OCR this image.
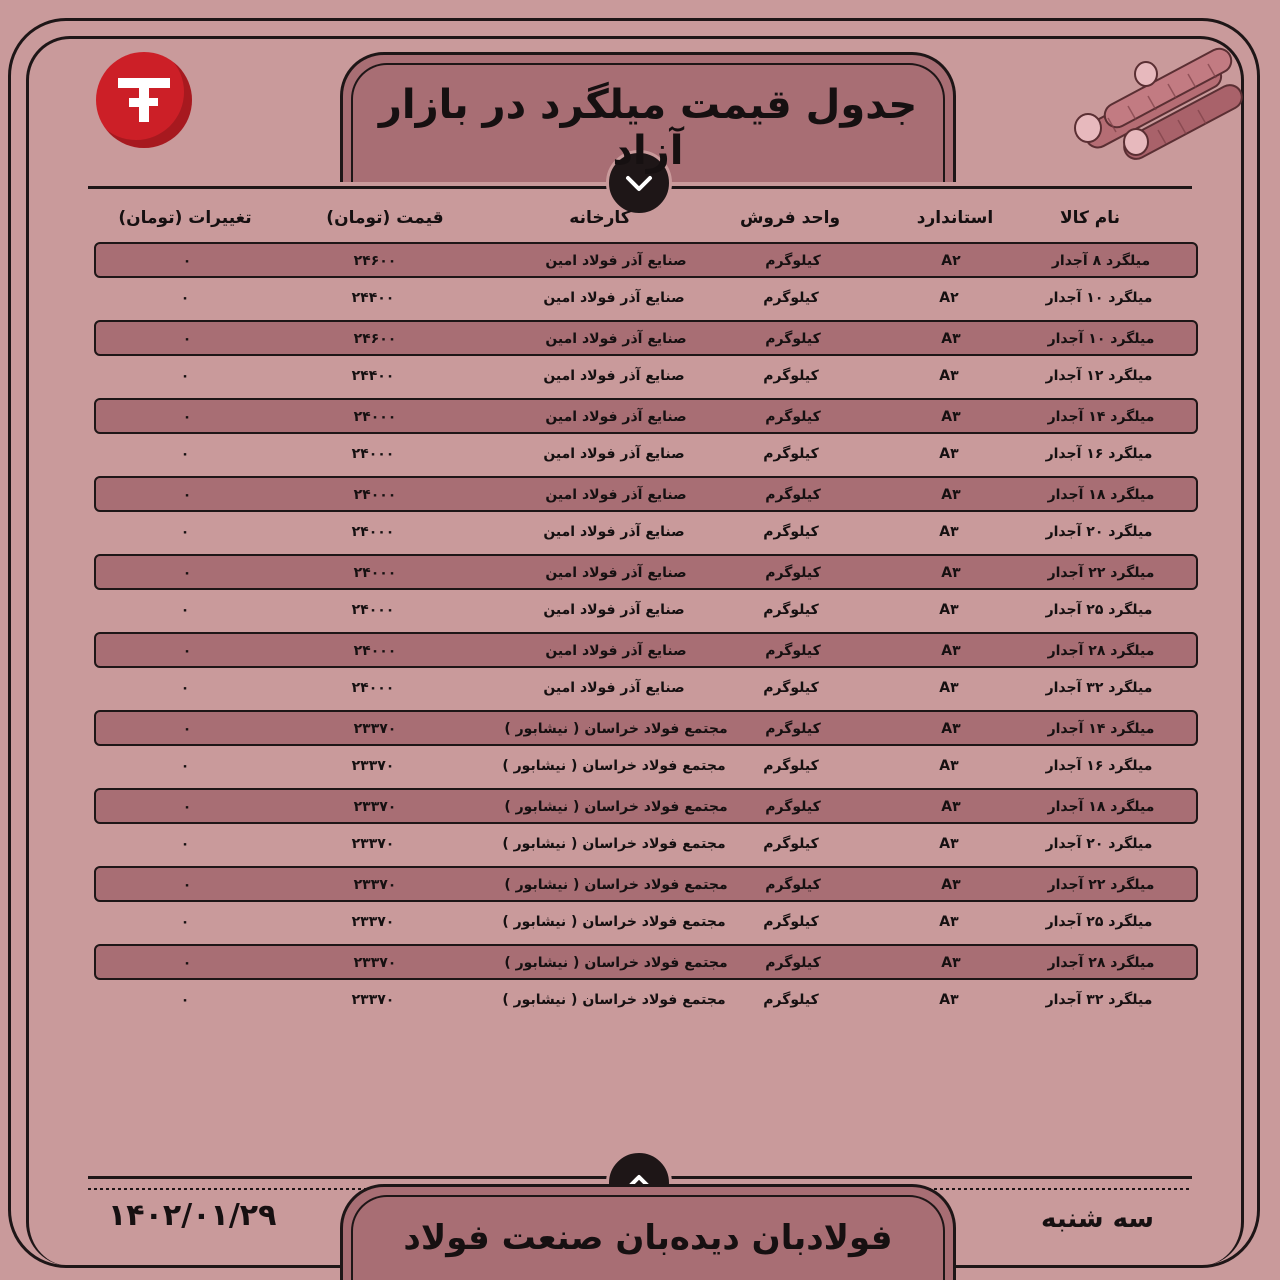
جدول قیمت میلگرد در بازار آزاد
نام کالا
استاندارد
واحد فروش
کارخانه
قیمت (تومان)
تغییرات (تومان)
میلگرد ۸ آجدار
A۲
کیلوگرم
صنایع آذر فولاد امین
۲۴۶۰۰
۰
میلگرد ۱۰ آجدار
A۲
کیلوگرم
صنایع آذر فولاد امین
۲۴۴۰۰
۰
میلگرد ۱۰ آجدار
A۳
کیلوگرم
صنایع آذر فولاد امین
۲۴۶۰۰
۰
میلگرد ۱۲ آجدار
A۳
کیلوگرم
صنایع آذر فولاد امین
۲۴۴۰۰
۰
میلگرد ۱۴ آجدار
A۳
کیلوگرم
صنایع آذر فولاد امین
۲۴۰۰۰
۰
میلگرد ۱۶ آجدار
A۳
کیلوگرم
صنایع آذر فولاد امین
۲۴۰۰۰
۰
میلگرد ۱۸ آجدار
A۳
کیلوگرم
صنایع آذر فولاد امین
۲۴۰۰۰
۰
میلگرد ۲۰ آجدار
A۳
کیلوگرم
صنایع آذر فولاد امین
۲۴۰۰۰
۰
میلگرد ۲۲ آجدار
A۳
کیلوگرم
صنایع آذر فولاد امین
۲۴۰۰۰
۰
میلگرد ۲۵ آجدار
A۳
کیلوگرم
صنایع آذر فولاد امین
۲۴۰۰۰
۰
میلگرد ۲۸ آجدار
A۳
کیلوگرم
صنایع آذر فولاد امین
۲۴۰۰۰
۰
میلگرد ۳۲ آجدار
A۳
کیلوگرم
صنایع آذر فولاد امین
۲۴۰۰۰
۰
میلگرد ۱۴ آجدار
A۳
کیلوگرم
مجتمع فولاد خراسان ( نیشابور )
۲۳۳۷۰
۰
میلگرد ۱۶ آجدار
A۳
کیلوگرم
مجتمع فولاد خراسان ( نیشابور )
۲۳۳۷۰
۰
میلگرد ۱۸ آجدار
A۳
کیلوگرم
مجتمع فولاد خراسان ( نیشابور )
۲۳۳۷۰
۰
میلگرد ۲۰ آجدار
A۳
کیلوگرم
مجتمع فولاد خراسان ( نیشابور )
۲۳۳۷۰
۰
میلگرد ۲۲ آجدار
A۳
کیلوگرم
مجتمع فولاد خراسان ( نیشابور )
۲۳۳۷۰
۰
میلگرد ۲۵ آجدار
A۳
کیلوگرم
مجتمع فولاد خراسان ( نیشابور )
۲۳۳۷۰
۰
میلگرد ۲۸ آجدار
A۳
کیلوگرم
مجتمع فولاد خراسان ( نیشابور )
۲۳۳۷۰
۰
میلگرد ۳۲ آجدار
A۳
کیلوگرم
مجتمع فولاد خراسان ( نیشابور )
۲۳۳۷۰
۰
فولادبان دیده‌بان صنعت فولاد	سه شنبه
۱۴۰۲/۰۱/۲۹
